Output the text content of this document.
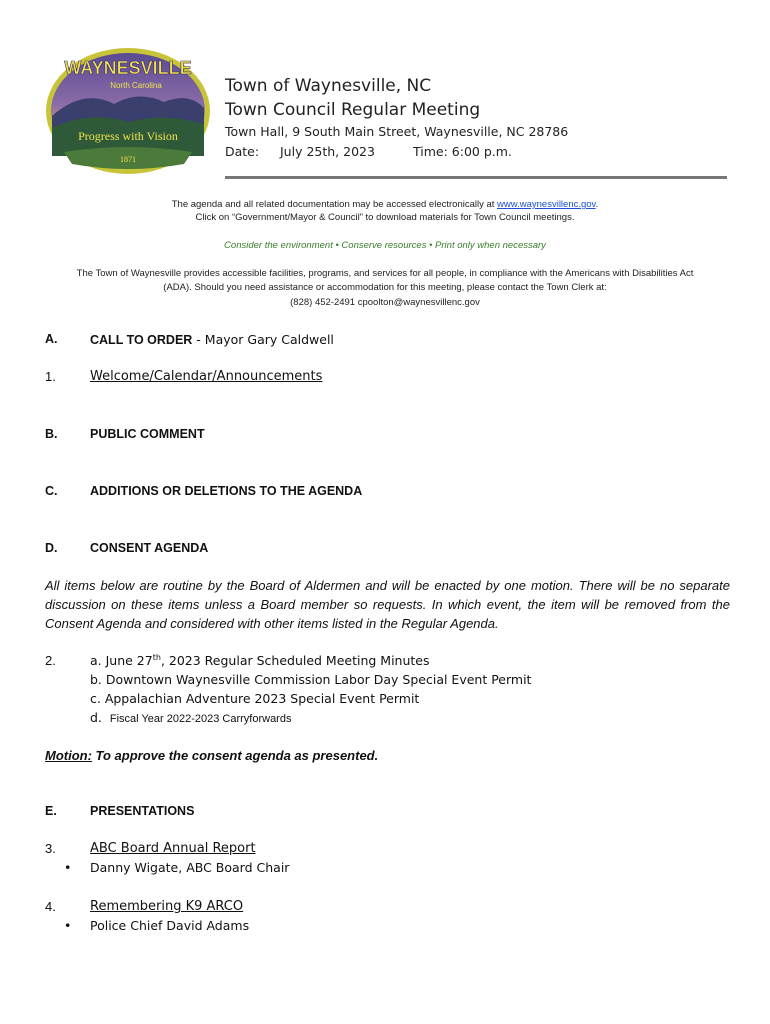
WAYNESVILLE
North Carolina
Progress with Vision
1871
Town of Waynesville, NC
Town Council Regular Meeting
Town Hall, 9 South Main Street, Waynesville, NC 28786
Date: July 25th, 2023	Time: 6:00 p.m.
The agenda and all related documentation may be accessed electronically at www.waynesvillenc.gov.
Click on “Government/Mayor & Council” to download materials for Town Council meetings.
Consider the environment • Conserve resources • Print only when necessary
The Town of Waynesville provides accessible facilities, programs, and services for all people, in compliance with the Americans with Disabilities Act
(ADA). Should you need assistance or accommodation for this meeting, please contact the Town Clerk at:
(828) 452-2491 cpoolton@waynesvillenc.gov
A.	CALL TO ORDER - Mayor Gary Caldwell
1.	Welcome/Calendar/Announcements
B.	PUBLIC COMMENT
C.	ADDITIONS OR DELETIONS TO THE AGENDA
D.	CONSENT AGENDA
All items below are routine by the Board of Aldermen and will be enacted by one motion. There will be no separate discussion on these items unless a Board member so requests. In which event, the item will be removed from the Consent Agenda and considered with other items listed in the Regular Agenda.
2.	a. June 27th, 2023 Regular Scheduled Meeting Minutes
b. Downtown Waynesville Commission Labor Day Special Event Permit
c. Appalachian Adventure 2023 Special Event Permit
d. Fiscal Year 2022-2023 Carryforwards
Motion: To approve the consent agenda as presented.
E.	PRESENTATIONS
3.	ABC Board Annual Report
• Danny Wigate, ABC Board Chair
4.	Remembering K9 ARCO
• Police Chief David Adams
